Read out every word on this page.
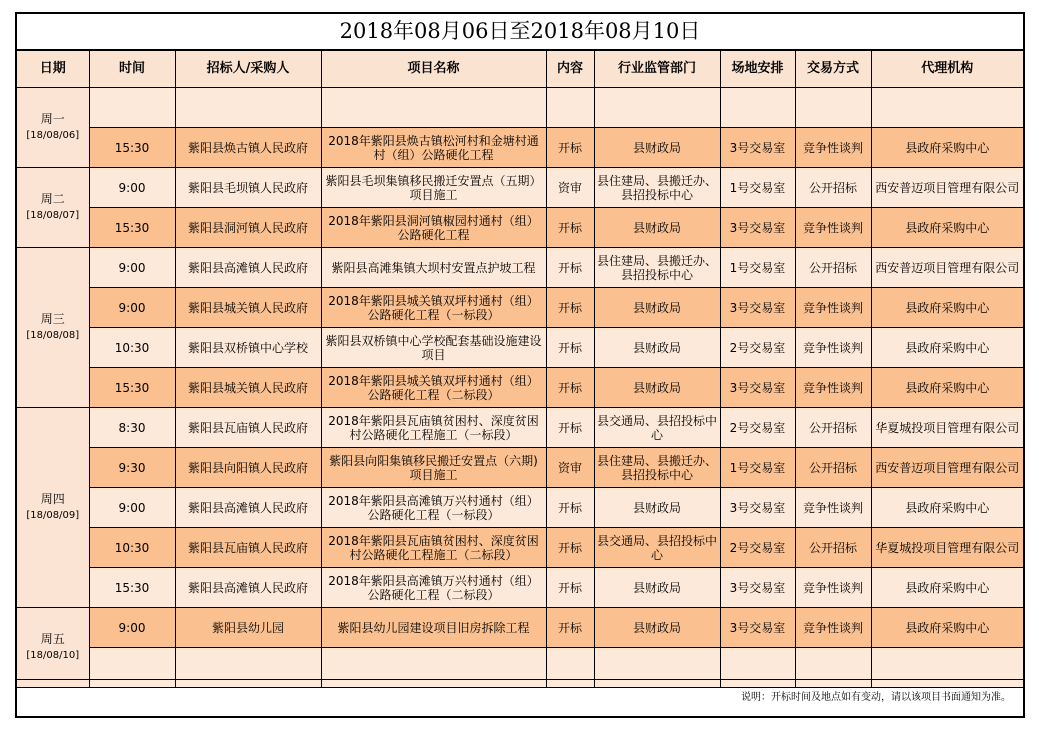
2018年08月06日至2018年08月10日
日期	时间	招标人/采购人	项目名称	内容	行业监管部门	场地安排	交易方式	代理机构
周一
[18/08/06]								

	15:30	紫阳县焕古镇人民政府	2018年紫阳县焕古镇松河村和金塘村通村（组）公路硬化工程	开标	县财政局	3号交易室	竞争性谈判	县政府采购中心
周二
[18/08/07]	9:00	紫阳县毛坝镇人民政府	紫阳县毛坝集镇移民搬迁安置点（五期）项目施工	资审	县住建局、县搬迁办、县招投标中心	1号交易室	公开招标	西安普迈项目管理有限公司
	15:30	紫阳县洞河镇人民政府	2018年紫阳县洞河镇椒园村通村（组）公路硬化工程	开标	县财政局	3号交易室	竞争性谈判	县政府采购中心
周三
[18/08/08]	9:00	紫阳县高滩镇人民政府	紫阳县高滩集镇大坝村安置点护坡工程	开标	县住建局、县搬迁办、县招投标中心	1号交易室	公开招标	西安普迈项目管理有限公司
	9:00	紫阳县城关镇人民政府	2018年紫阳县城关镇双坪村通村（组）公路硬化工程（一标段）	开标	县财政局	3号交易室	竞争性谈判	县政府采购中心
	10:30	紫阳县双桥镇中心学校	紫阳县双桥镇中心学校配套基础设施建设项目	开标	县财政局	2号交易室	竞争性谈判	县政府采购中心
	15:30	紫阳县城关镇人民政府	2018年紫阳县城关镇双坪村通村（组）公路硬化工程（二标段）	开标	县财政局	3号交易室	竞争性谈判	县政府采购中心
周四
[18/08/09]	8:30	紫阳县瓦庙镇人民政府	2018年紫阳县瓦庙镇贫困村、深度贫困村公路硬化工程施工（一标段）	开标	县交通局、县招投标中心	2号交易室	公开招标	华夏城投项目管理有限公司
	9:30	紫阳县向阳镇人民政府	紫阳县向阳集镇移民搬迁安置点（六期)项目施工	资审	县住建局、县搬迁办、县招投标中心	1号交易室	公开招标	西安普迈项目管理有限公司
	9:00	紫阳县高滩镇人民政府	2018年紫阳县高滩镇万兴村通村（组）公路硬化工程（一标段）	开标	县财政局	3号交易室	竞争性谈判	县政府采购中心
	10:30	紫阳县瓦庙镇人民政府	2018年紫阳县瓦庙镇贫困村、深度贫困村公路硬化工程施工（二标段）	开标	县交通局、县招投标中心	2号交易室	公开招标	华夏城投项目管理有限公司
	15:30	紫阳县高滩镇人民政府	2018年紫阳县高滩镇万兴村通村（组）公路硬化工程（二标段）	开标	县财政局	3号交易室	竞争性谈判	县政府采购中心
周五
[18/08/10]	9:00	紫阳县幼儿园	紫阳县幼儿园建设项目旧房拆除工程	开标	县财政局	3号交易室	竞争性谈判	县政府采购中心

说明：开标时间及地点如有变动，请以该项目书面通知为准。
